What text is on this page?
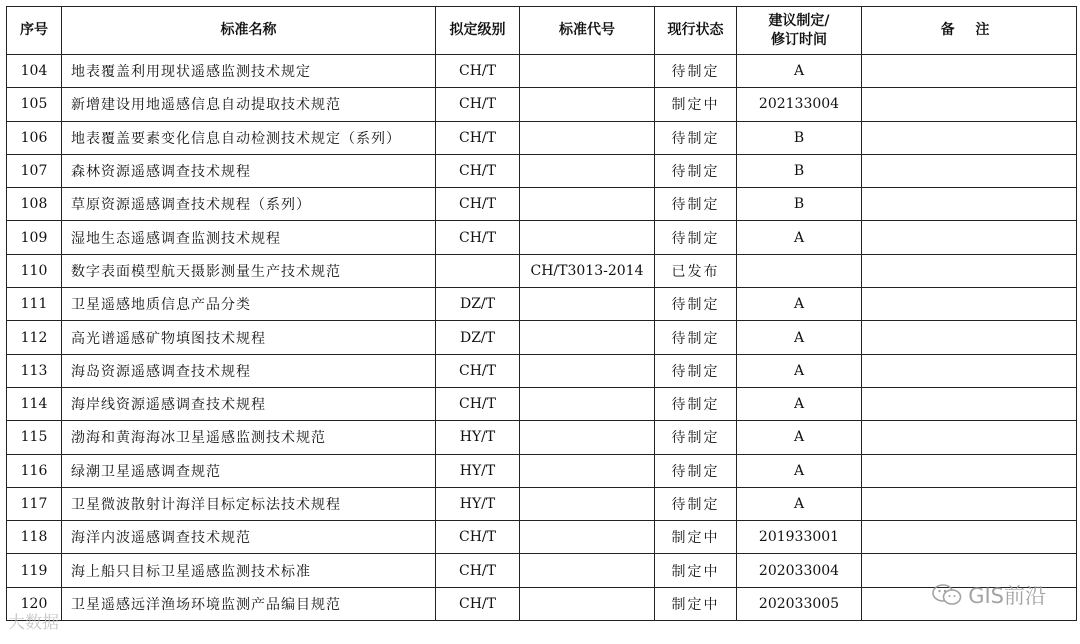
序号	标准名称	拟定级别	标准代号	现行状态	建议制定/
修订时间	备 注
104	地表覆盖利用现状遥感监测技术规定	CH/T		待制定	A	
105	新增建设用地遥感信息自动提取技术规范	CH/T		制定中	202133004	
106	地表覆盖要素变化信息自动检测技术规定（系列）	CH/T		待制定	B	
107	森林资源遥感调查技术规程	CH/T		待制定	B	
108	草原资源遥感调查技术规程（系列）	CH/T		待制定	B	
109	湿地生态遥感调查监测技术规程	CH/T		待制定	A	
110	数字表面模型航天摄影测量生产技术规范		CH/T3013-2014	已发布		
111	卫星遥感地质信息产品分类	DZ/T		待制定	A	
112	高光谱遥感矿物填图技术规程	DZ/T		待制定	A	
113	海岛资源遥感调查技术规程	CH/T		待制定	A	
114	海岸线资源遥感调查技术规程	CH/T		待制定	A	
115	渤海和黄海海冰卫星遥感监测技术规范	HY/T		待制定	A	
116	绿潮卫星遥感调查规范	HY/T		待制定	A	
117	卫星微波散射计海洋目标定标法技术规程	HY/T		待制定	A	
118	海洋内波遥感调查技术规范	CH/T		制定中	201933001	
119	海上船只目标卫星遥感监测技术标准	CH/T		制定中	202033004	
120	卫星遥感远洋渔场环境监测产品编目规范	CH/T		制定中	202033005	
大数据
GIS前沿
